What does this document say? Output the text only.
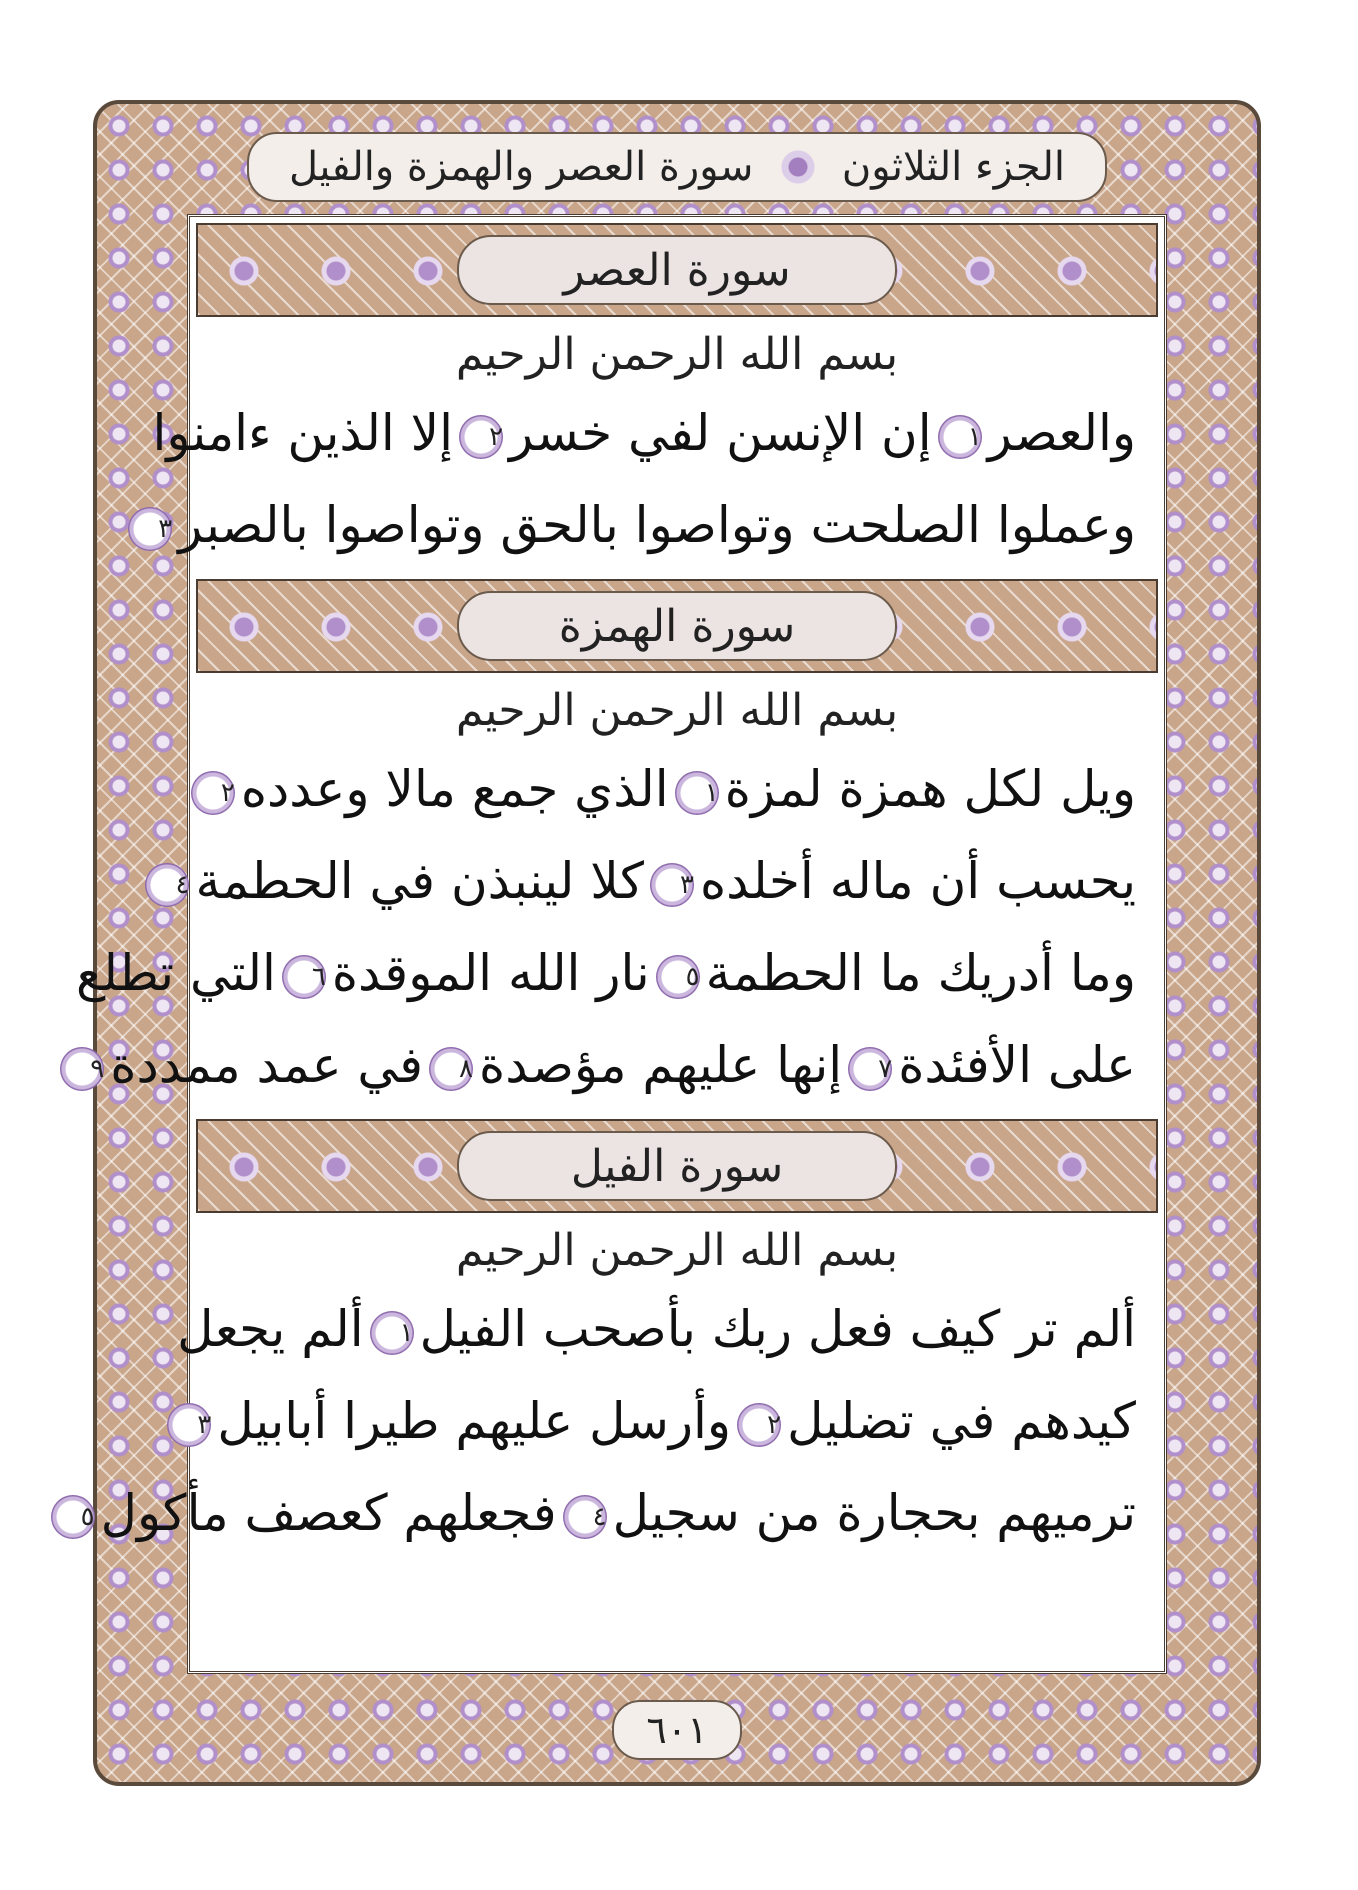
الجزء الثلاثون
سورة العصر والهمزة والفيل
سورة العصر
بسم الله الرحمن الرحيم
والعصر١إن الإنسن لفي خسر٢إلا الذين ءامنوا
وعملوا الصلحت وتواصوا بالحق وتواصوا بالصبر٣
سورة الهمزة
بسم الله الرحمن الرحيم
ويل لكل همزة لمزة١الذي جمع مالا وعدده٢
يحسب أن ماله أخلده٣كلا لينبذن في الحطمة٤
وما أدريك ما الحطمة٥نار الله الموقدة٦التي تطلع
على الأفئدة٧إنها عليهم مؤصدة٨في عمد ممددة٩
سورة الفيل
بسم الله الرحمن الرحيم
ألم تر كيف فعل ربك بأصحب الفيل١ألم يجعل
كيدهم في تضليل٢وأرسل عليهم طيرا أبابيل٣
ترميهم بحجارة من سجيل٤فجعلهم كعصف مأكول٥
٦٠١
